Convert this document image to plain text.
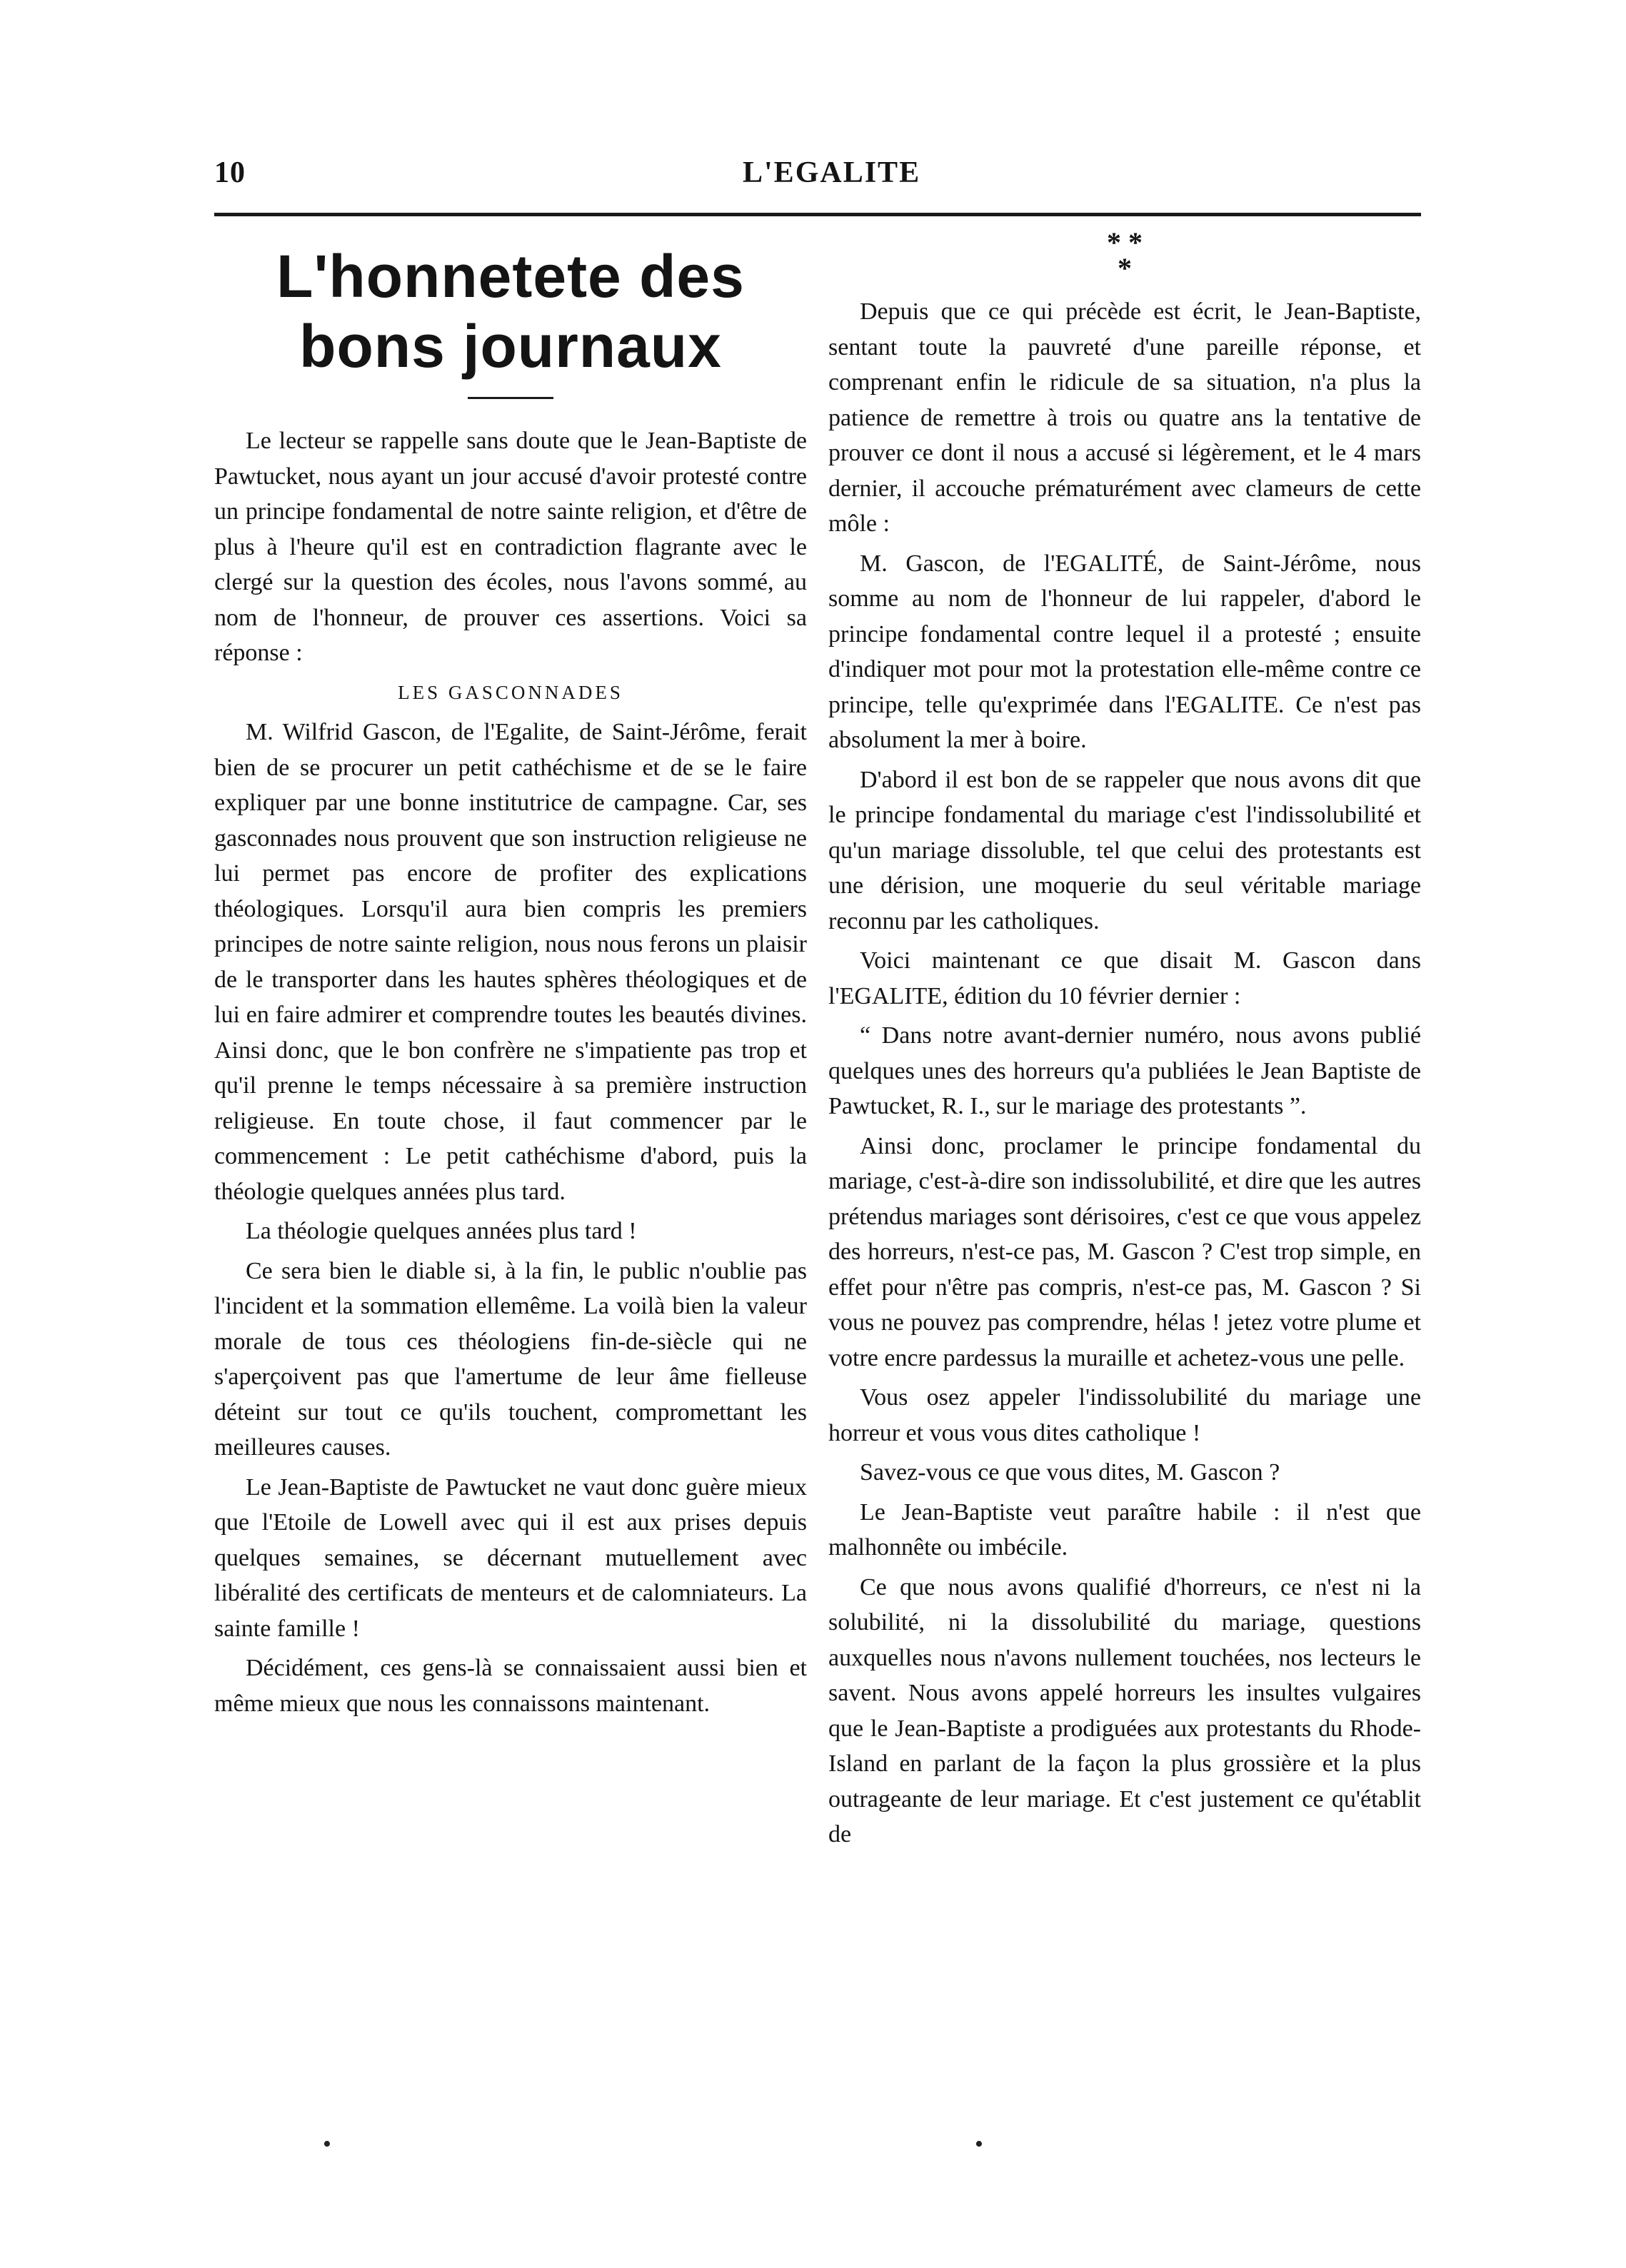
10	L'EGALITE
L'honnetete des bons journaux

Le lecteur se rappelle sans doute que le Jean-Baptiste de Pawtucket, nous ayant un jour accusé d'avoir protesté contre un principe fondamental de notre sainte religion, et d'être de plus à l'heure qu'il est en contradiction flagrante avec le clergé sur la question des écoles, nous l'avons sommé, au nom de l'honneur, de prouver ces assertions. Voici sa réponse :

LES GASCONNADES

M. Wilfrid Gascon, de l'Egalite, de Saint-Jérôme, ferait bien de se procurer un petit cathéchisme et de se le faire expliquer par une bonne institutrice de campagne. Car, ses gasconnades nous prouvent que son instruction religieuse ne lui permet pas encore de profiter des explications théologiques. Lorsqu'il aura bien compris les premiers principes de notre sainte religion, nous nous ferons un plaisir de le transporter dans les hautes sphères théologiques et de lui en faire admirer et comprendre toutes les beautés divines. Ainsi donc, que le bon confrère ne s'impatiente pas trop et qu'il prenne le temps nécessaire à sa première instruction religieuse. En toute chose, il faut commencer par le commencement : Le petit cathéchisme d'abord, puis la théologie quelques années plus tard.

La théologie quelques années plus tard !

Ce sera bien le diable si, à la fin, le public n'oublie pas l'incident et la sommation ellemême. La voilà bien la valeur morale de tous ces théologiens fin-de-siècle qui ne s'aperçoivent pas que l'amertume de leur âme fielleuse déteint sur tout ce qu'ils touchent, compromettant les meilleures causes.

Le Jean-Baptiste de Pawtucket ne vaut donc guère mieux que l'Etoile de Lowell avec qui il est aux prises depuis quelques semaines, se décernant mutuellement avec libéralité des certificats de menteurs et de calomniateurs. La sainte famille !

Décidément, ces gens-là se connaissaient aussi bien et même mieux que nous les connaissons maintenant.

* *
*

Depuis que ce qui précède est écrit, le Jean-Baptiste, sentant toute la pauvreté d'une pareille réponse, et comprenant enfin le ridicule de sa situation, n'a plus la patience de remettre à trois ou quatre ans la tentative de prouver ce dont il nous a accusé si légèrement, et le 4 mars dernier, il accouche prématurément avec clameurs de cette môle :

M. Gascon, de l'EGALITÉ, de Saint-Jérôme, nous somme au nom de l'honneur de lui rappeler, d'abord le principe fondamental contre lequel il a protesté ; ensuite d'indiquer mot pour mot la protestation elle-même contre ce principe, telle qu'exprimée dans l'EGALITE. Ce n'est pas absolument la mer à boire.

D'abord il est bon de se rappeler que nous avons dit que le principe fondamental du mariage c'est l'indissolubilité et qu'un mariage dissoluble, tel que celui des protestants est une dérision, une moquerie du seul véritable mariage reconnu par les catholiques.

Voici maintenant ce que disait M. Gascon dans l'EGALITE, édition du 10 février dernier :

“ Dans notre avant-dernier numéro, nous avons publié quelques unes des horreurs qu'a publiées le Jean Baptiste de Pawtucket, R. I., sur le mariage des protestants ”.

Ainsi donc, proclamer le principe fondamental du mariage, c'est-à-dire son indissolubilité, et dire que les autres prétendus mariages sont dérisoires, c'est ce que vous appelez des horreurs, n'est-ce pas, M. Gascon ? C'est trop simple, en effet pour n'être pas compris, n'est-ce pas, M. Gascon ? Si vous ne pouvez pas comprendre, hélas ! jetez votre plume et votre encre pardessus la muraille et achetez-vous une pelle.

Vous osez appeler l'indissolubilité du mariage une horreur et vous vous dites catholique !

Savez-vous ce que vous dites, M. Gascon ?

Le Jean-Baptiste veut paraître habile : il n'est que malhonnête ou imbécile.

Ce que nous avons qualifié d'horreurs, ce n'est ni la solubilité, ni la dissolubilité du mariage, questions auxquelles nous n'avons nullement touchées, nos lecteurs le savent. Nous avons appelé horreurs les insultes vulgaires que le Jean-Baptiste a prodiguées aux protestants du Rhode-Island en parlant de la façon la plus grossière et la plus outrageante de leur mariage. Et c'est justement ce qu'établit de

•	•
